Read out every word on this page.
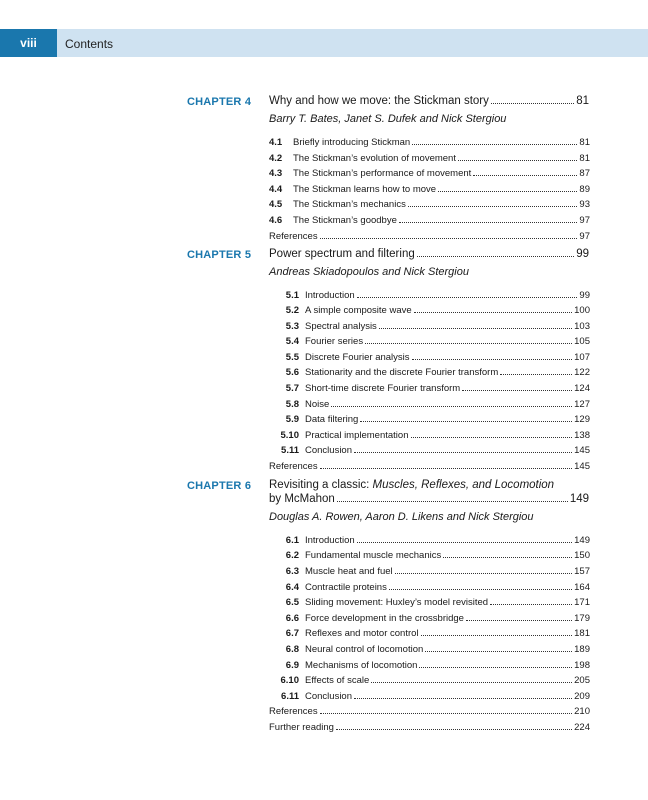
viii	Contents
CHAPTER 4	Why and how we move: the Stickman story	81
Barry T. Bates, Janet S. Dufek and Nick Stergiou
4.1	Briefly introducing Stickman	81
4.2	The Stickman’s evolution of movement	81
4.3	The Stickman’s performance of movement	87
4.4	The Stickman learns how to move	89
4.5	The Stickman’s mechanics	93
4.6	The Stickman’s goodbye	97
References	97
CHAPTER 5	Power spectrum and filtering	99
Andreas Skiadopoulos and Nick Stergiou
5.1 Introduction	99
5.2 A simple composite wave	100
5.3 Spectral analysis	103
5.4 Fourier series	105
5.5 Discrete Fourier analysis	107
5.6 Stationarity and the discrete Fourier transform	122
5.7 Short-time discrete Fourier transform	124
5.8 Noise	127
5.9 Data filtering	129
5.10 Practical implementation	138
5.11 Conclusion	145
References	145
CHAPTER 6	Revisiting a classic: Muscles, Reflexes, and Locomotion
by McMahon	149
Douglas A. Rowen, Aaron D. Likens and Nick Stergiou
6.1 Introduction	149
6.2 Fundamental muscle mechanics	150
6.3 Muscle heat and fuel	157
6.4 Contractile proteins	164
6.5 Sliding movement: Huxley’s model revisited	171
6.6 Force development in the crossbridge	179
6.7 Reflexes and motor control	181
6.8 Neural control of locomotion	189
6.9 Mechanisms of locomotion	198
6.10 Effects of scale	205
6.11 Conclusion	209
References	210
Further reading	224
